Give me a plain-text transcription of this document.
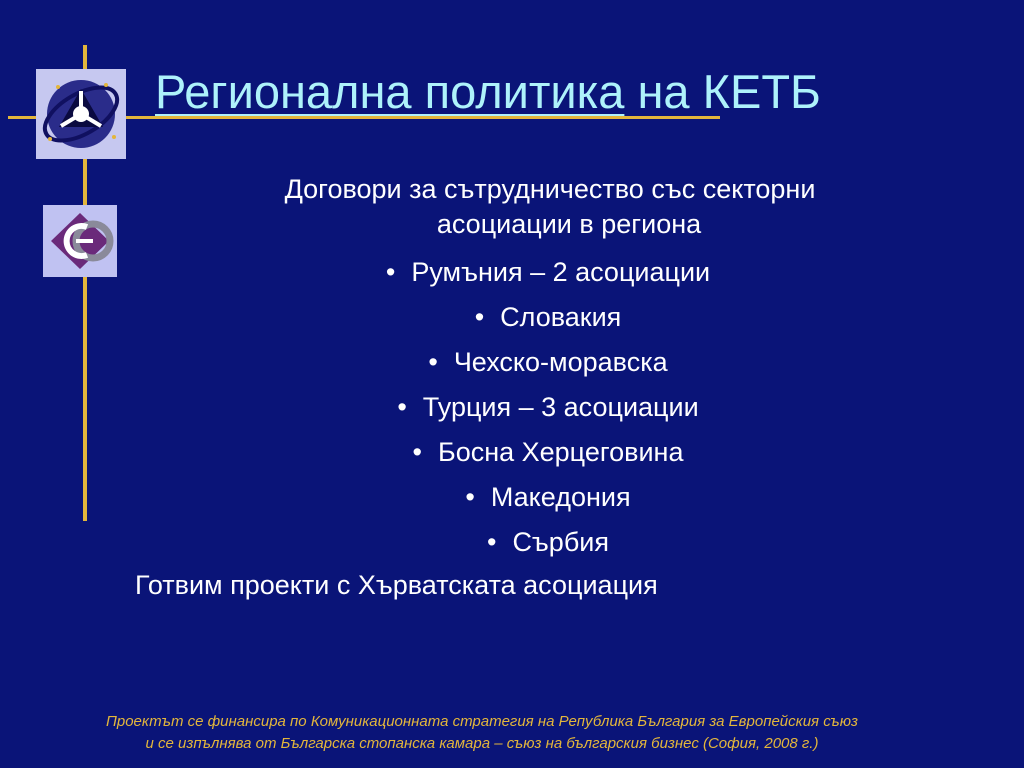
Регионална политика на КЕТБ
Договори за сътрудничество със секторни
асоциации в региона
• Румъния – 2 асоциации
• Словакия
• Чехско-моравска
• Турция – 3 асоциации
• Босна Херцеговина
• Македония
• Сърбия
Готвим проекти с Хърватската асоциация
Проектът се финансира по Комуникационната стратегия на Република България за Европейския съюз
и се изпълнява от Българска стопанска камара – съюз на българския бизнес (София, 2008 г.)
